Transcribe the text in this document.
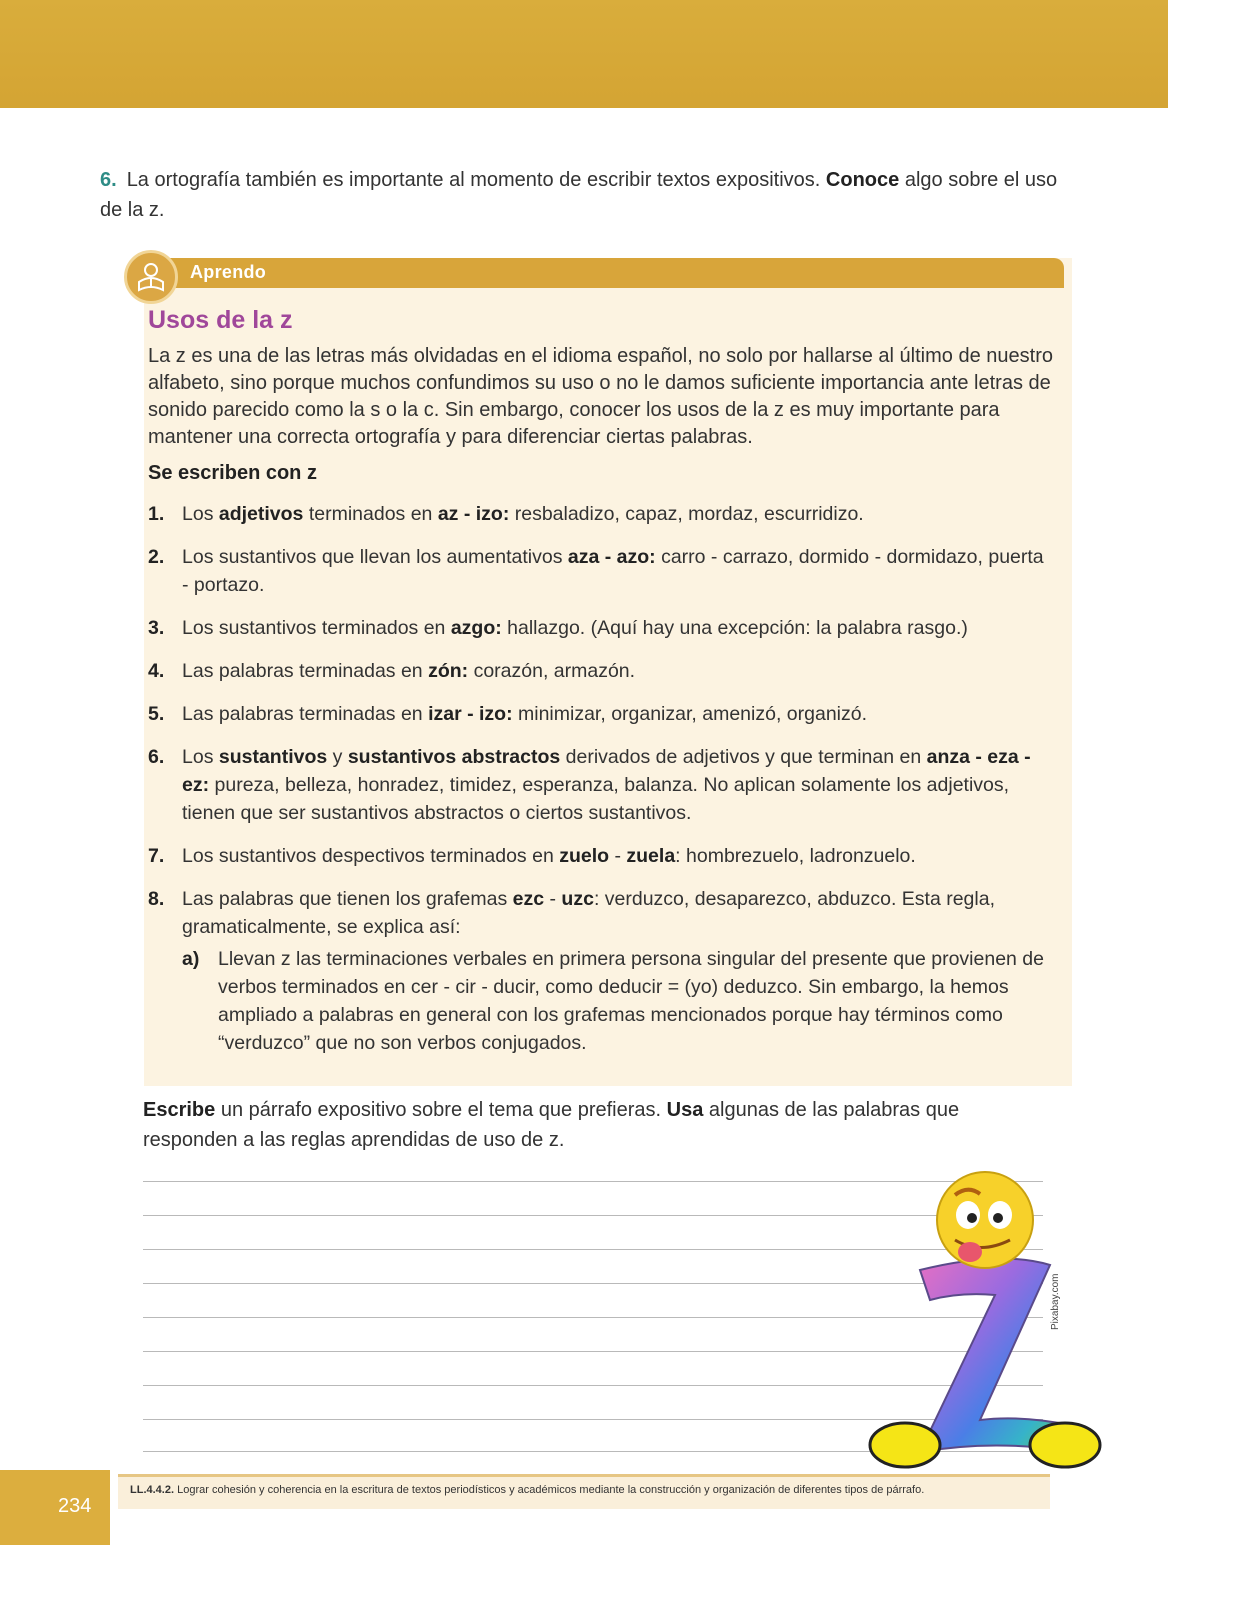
6. La ortografía también es importante al momento de escribir textos expositivos. Conoce algo sobre el uso de la z.
Aprendo
Usos de la z
La z es una de las letras más olvidadas en el idioma español, no solo por hallarse al último de nuestro alfabeto, sino porque muchos confundimos su uso o no le damos suficiente importancia ante letras de sonido parecido como la s o la c. Sin embargo, conocer los usos de la z es muy importante para mantener una correcta ortografía y para diferenciar ciertas palabras.
Se escriben con z
1. Los adjetivos terminados en az - izo: resbaladizo, capaz, mordaz, escurridizo.
2. Los sustantivos que llevan los aumentativos aza - azo: carro - carrazo, dormido - dormidazo, puerta - portazo.
3. Los sustantivos terminados en azgo: hallazgo. (Aquí hay una excepción: la palabra rasgo.)
4. Las palabras terminadas en zón: corazón, armazón.
5. Las palabras terminadas en izar - izo: minimizar, organizar, amenizó, organizó.
6. Los sustantivos y sustantivos abstractos derivados de adjetivos y que terminan en anza - eza - ez: pureza, belleza, honradez, timidez, esperanza, balanza. No aplican solamente los adjetivos, tienen que ser sustantivos abstractos o ciertos sustantivos.
7. Los sustantivos despectivos terminados en zuelo - zuela: hombrezuelo, ladronzuelo.
8. Las palabras que tienen los grafemas ezc - uzc: verduzco, desaparezco, abduzco. Esta regla, gramaticalmente, se explica así:
a) Llevan z las terminaciones verbales en primera persona singular del presente que provienen de verbos terminados en cer - cir - ducir, como deducir = (yo) deduzco. Sin embargo, la hemos ampliado a palabras en general con los grafemas mencionados porque hay términos como “verduzco” que no son verbos conjugados.
Escribe un párrafo expositivo sobre el tema que prefieras. Usa algunas de las palabras que responden a las reglas aprendidas de uso de z.
Pixabay.com
LL.4.4.2. Lograr cohesión y coherencia en la escritura de textos periodísticos y académicos mediante la construcción y organización de diferentes tipos de párrafo.
234
